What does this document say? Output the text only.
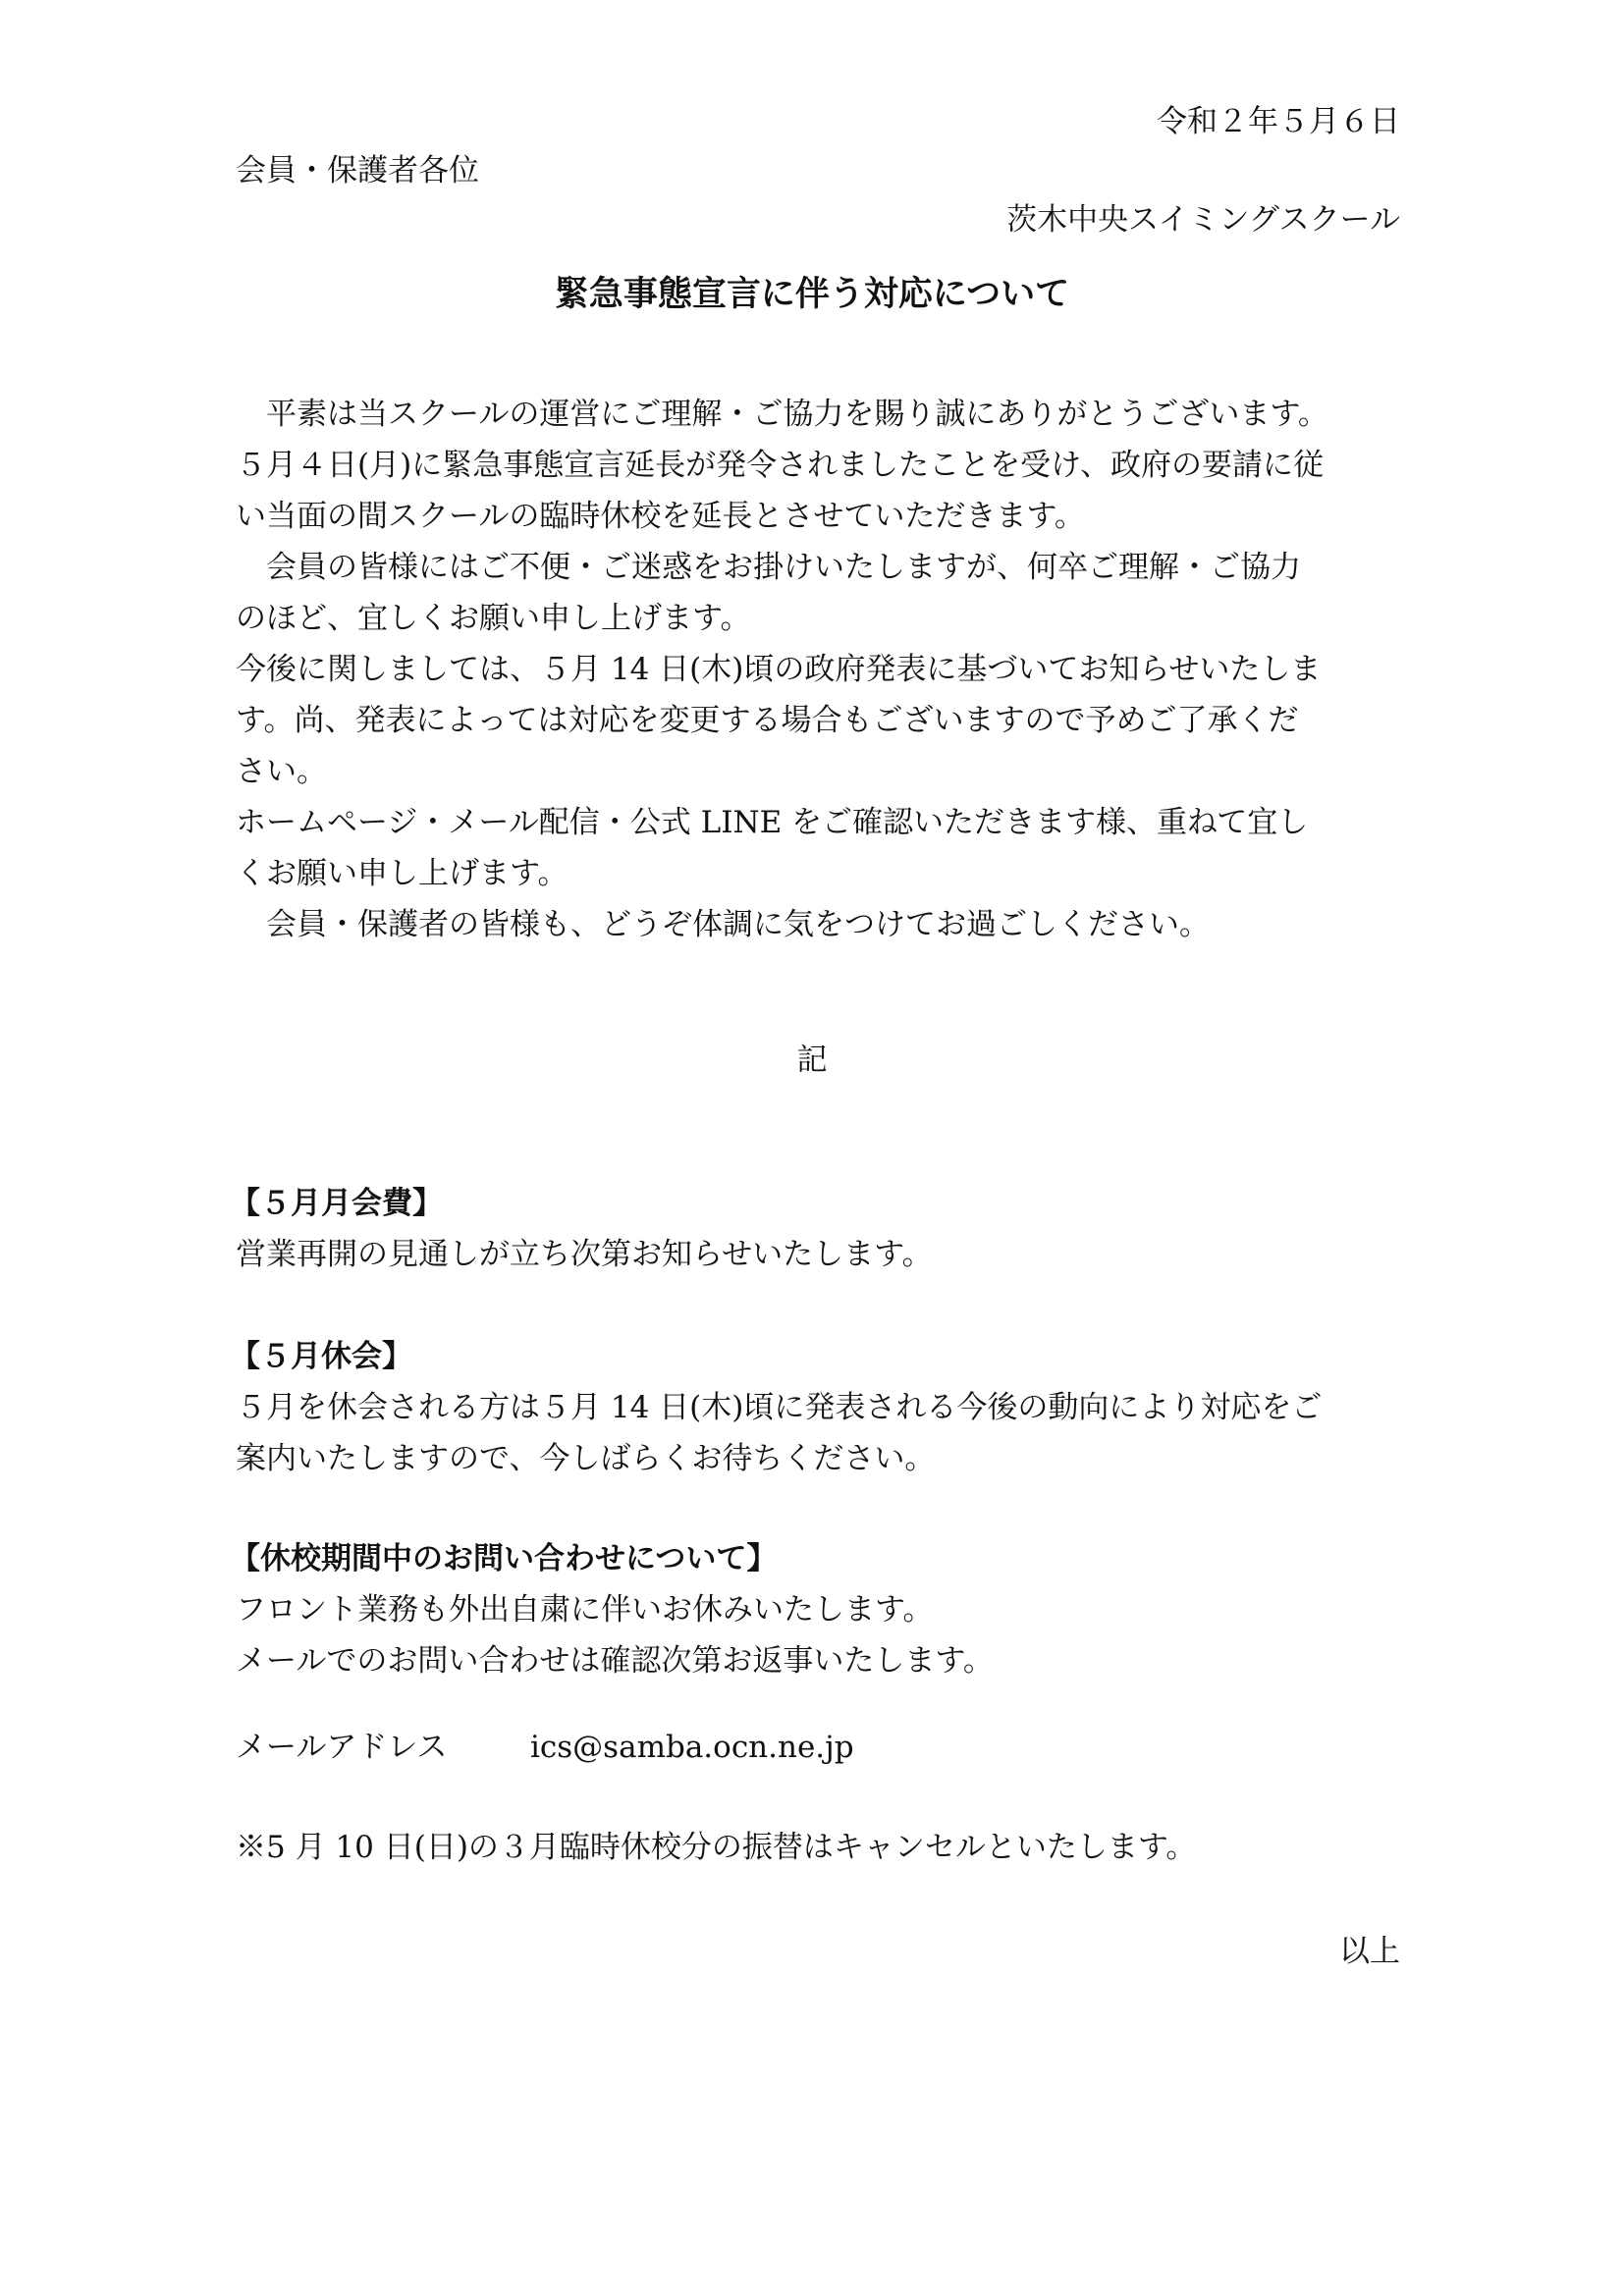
令和２年５月６日

会員・保護者各位

茨木中央スイミングスクール

緊急事態宣言に伴う対応について

　平素は当スクールの運営にご理解・ご協力を賜り誠にありがとうございます。

５月４日(月)に緊急事態宣言延長が発令されましたことを受け、政府の要請に従

い当面の間スクールの臨時休校を延長とさせていただきます。

　会員の皆様にはご不便・ご迷惑をお掛けいたしますが、何卒ご理解・ご協力

のほど、宜しくお願い申し上げます。

今後に関しましては、５月 14 日(木)頃の政府発表に基づいてお知らせいたしま

す。尚、発表によっては対応を変更する場合もございますので予めご了承くだ

さい。

ホームページ・メール配信・公式 LINE をご確認いただきます様、重ねて宜し

くお願い申し上げます。

　会員・保護者の皆様も、どうぞ体調に気をつけてお過ごしください。

記

【５月月会費】

営業再開の見通しが立ち次第お知らせいたします。

【５月休会】

５月を休会される方は５月 14 日(木)頃に発表される今後の動向により対応をご

案内いたしますので、今しばらくお待ちください。

【休校期間中のお問い合わせについて】

フロント業務も外出自粛に伴いお休みいたします。

メールでのお問い合わせは確認次第お返事いたします。

メールアドレス	ics@samba.ocn.ne.jp

※5 月 10 日(日)の３月臨時休校分の振替はキャンセルといたします。

以上
